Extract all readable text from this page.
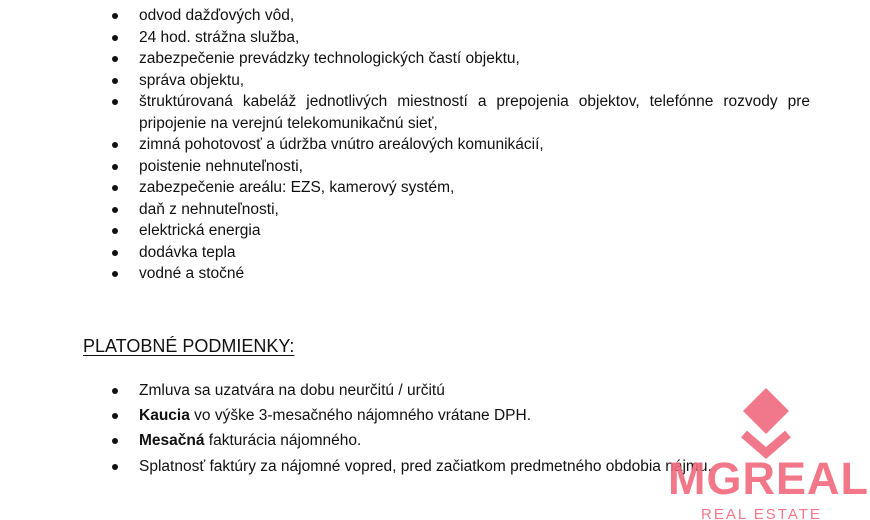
odvod dažďových vôd,
24 hod. strážna služba,
zabezpečenie prevádzky technologických častí objektu,
správa objektu,
štruktúrovaná kabeláž jednotlivých miestností a prepojenia objektov, telefónne rozvody pre pripojenie na verejnú telekomunikačnú sieť,
zimná pohotovosť a údržba vnútro areálových komunikácií,
poistenie nehnuteľnosti,
zabezpečenie areálu: EZS, kamerový systém,
daň z nehnuteľnosti,
elektrická energia
dodávka tepla
vodné a stočné
PLATOBNÉ PODMIENKY:
Zmluva sa uzatvára na dobu neurčitú / určitú
Kaucia vo výške 3-mesačného nájomného vrátane DPH.
Mesačná fakturácia nájomného.
Splatnosť faktúry za nájomné vopred, pred začiatkom predmetného obdobia nájmu.
MGREAL
REAL ESTATE
